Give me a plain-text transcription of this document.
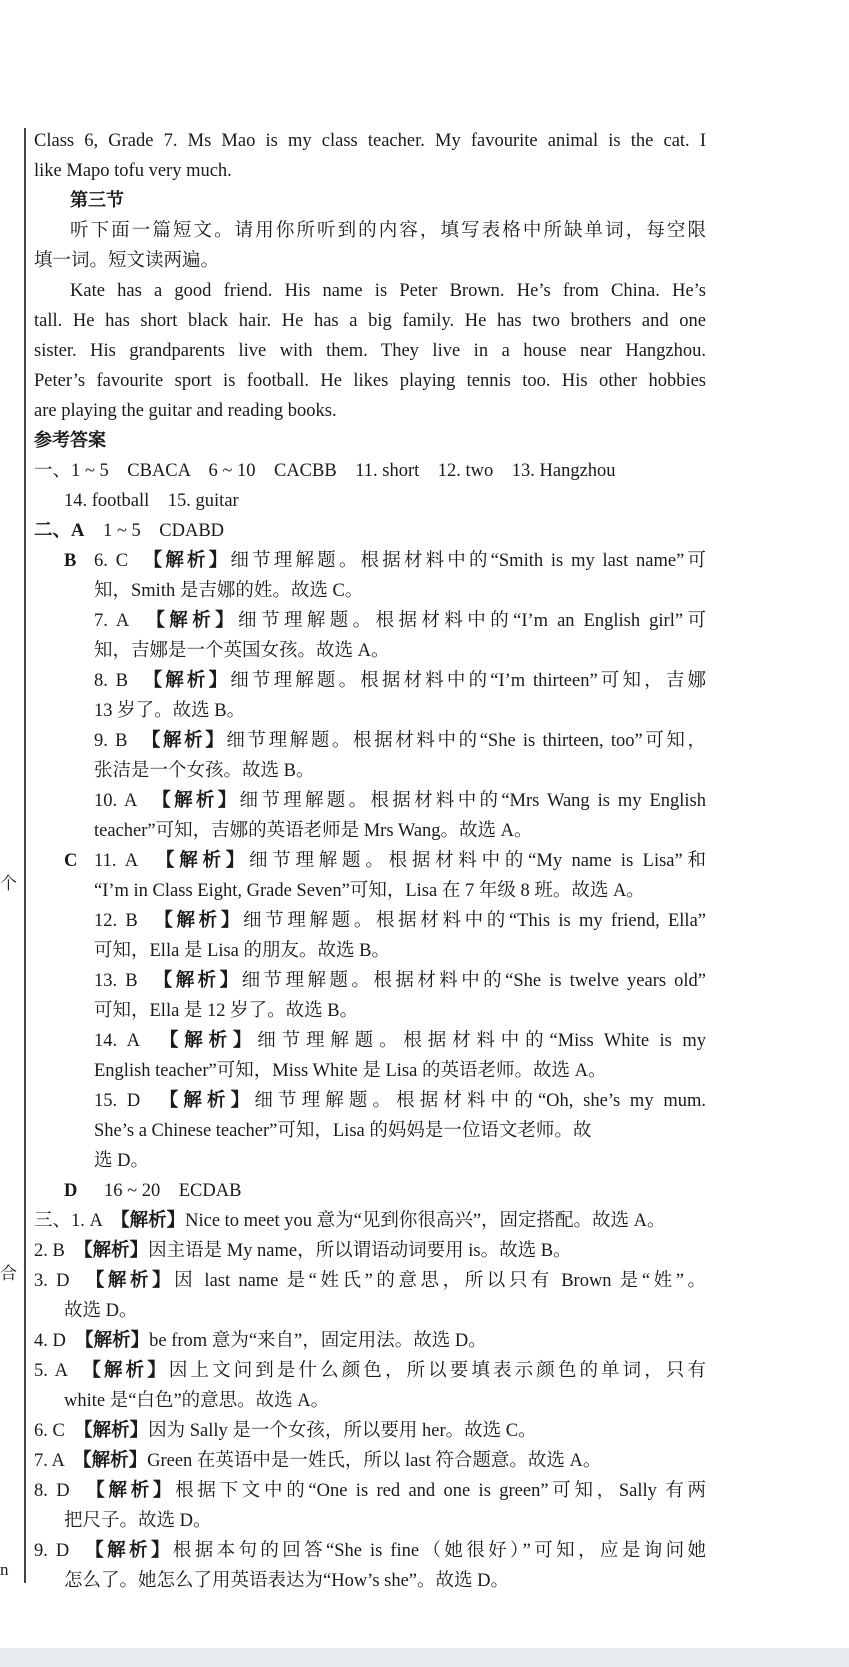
个
合
n
Class 6, Grade 7. Ms Mao is my class teacher. My favourite animal is the cat. I
like Mapo tofu very much.
第三节
听下面一篇短文。请用你所听到的内容，填写表格中所缺单词，每空限
填一词。短文读两遍。
Kate has a good friend. His name is Peter Brown. He’s from China. He’s
tall. He has short black hair. He has a big family. He has two brothers and one
sister. His grandparents live with them. They live in a house near Hangzhou.
Peter’s favourite sport is football. He likes playing tennis too. His other hobbies
are playing the guitar and reading books.
参考答案
一、1 ~ 5　CBACA　6 ~ 10　CACBB　11. short　12. two　13. Hangzhou
14. football　15. guitar
二、A 1 ~ 5　CDABD
B 6. C　【解析】细节理解题。根据材料中的“Smith is my last name”可
知，Smith 是吉娜的姓。故选 C。
7. A　【解析】细节理解题。根据材料中的“I’m an English girl”可
知，吉娜是一个英国女孩。故选 A。
8. B　【解析】细节理解题。根据材料中的“I’m thirteen”可知，吉娜
13 岁了。故选 B。
9. B　【解析】细节理解题。根据材料中的“She is thirteen, too”可知，
张洁是一个女孩。故选 B。
10. A　【解析】细节理解题。根据材料中的“Mrs Wang is my English
teacher”可知，吉娜的英语老师是 Mrs Wang。故选 A。
C 11. A　【解析】细节理解题。根据材料中的“My name is Lisa”和
“I’m in Class Eight, Grade Seven”可知，Lisa 在 7 年级 8 班。故选 A。
12. B　【解析】细节理解题。根据材料中的“This is my friend, Ella”
可知，Ella 是 Lisa 的朋友。故选 B。
13. B　【解析】细节理解题。根据材料中的“She is twelve years old”
可知，Ella 是 12 岁了。故选 B。
14. A　【解析】细节理解题。根据材料中的“Miss White is my
English teacher”可知，Miss White 是 Lisa 的英语老师。故选 A。
15. D　【解析】细节理解题。根据材料中的“Oh, she’s my mum.
She’s a Chinese teacher”可知，Lisa 的妈妈是一位语文老师。故
选 D。
D 16 ~ 20　ECDAB
三、1. A　【解析】Nice to meet you 意为“见到你很高兴”，固定搭配。故选 A。
2. B　【解析】因主语是 My name，所以谓语动词要用 is。故选 B。
3. D　【解析】因 last name 是“姓氏”的意思，所以只有 Brown 是“姓”。
故选 D。
4. D　【解析】be from 意为“来自”，固定用法。故选 D。
5. A　【解析】因上文问到是什么颜色，所以要填表示颜色的单词，只有
white 是“白色”的意思。故选 A。
6. C　【解析】因为 Sally 是一个女孩，所以要用 her。故选 C。
7. A　【解析】Green 在英语中是一姓氏，所以 last 符合题意。故选 A。
8. D　【解析】根据下文中的“One is red and one is green”可知，Sally 有两
把尺子。故选 D。
9. D　【解析】根据本句的回答“She is fine（她很好）”可知，应是询问她
怎么了。她怎么了用英语表达为“How’s she”。故选 D。
